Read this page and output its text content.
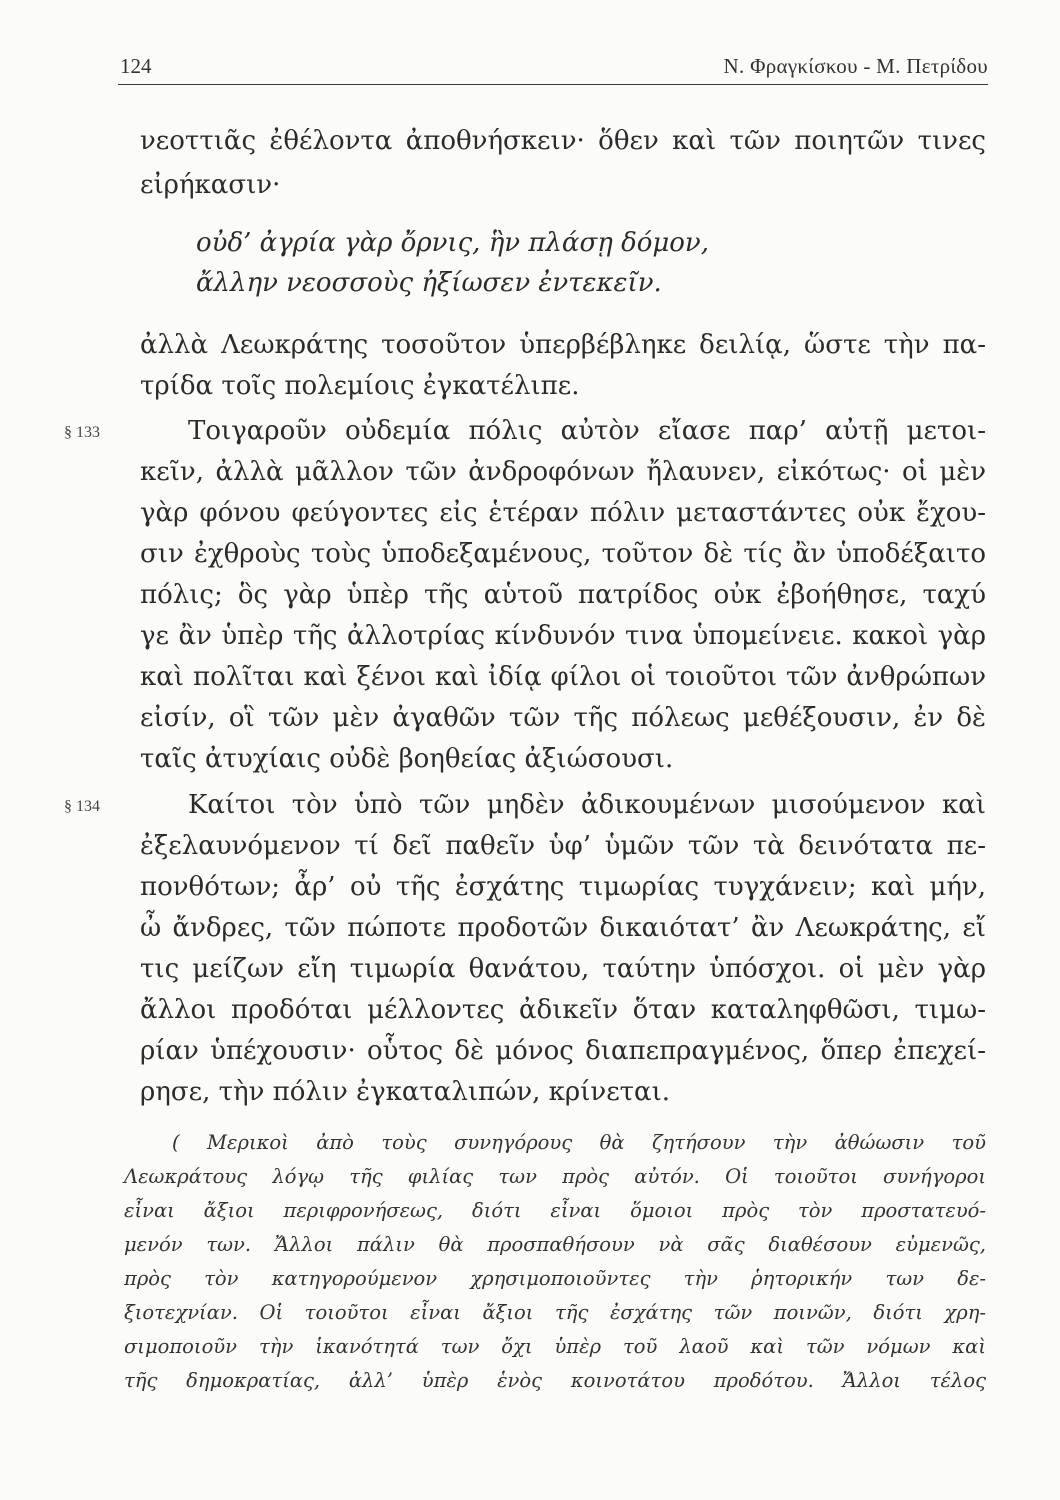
124	Ν. Φραγκίσκου - Μ. Πετρίδου
νεοττιᾶς ἐθέλοντα ἀποθνήσκειν· ὅθεν καὶ τῶν ποιητῶν τινες
εἰρήκασιν·
οὐδ’ ἀγρία γὰρ ὄρνις, ἣν πλάσῃ δόμον,
ἄλλην νεοσσοὺς ἠξίωσεν ἐντεκεῖν.
ἀλλὰ Λεωκράτης τοσοῦτον ὑπερβέβληκε δειλίᾳ, ὥστε τὴν πα-
τρίδα τοῖς πολεμίοις ἐγκατέλιπε.
§ 133	Τοιγαροῦν οὐδεμία πόλις αὐτὸν εἴασε παρ’ αὐτῇ μετοι-
κεῖν, ἀλλὰ μᾶλλον τῶν ἀνδροφόνων ἤλαυνεν, εἰκότως· οἱ μὲν
γὰρ φόνου φεύγοντες εἰς ἑτέραν πόλιν μεταστάντες οὐκ ἔχου-
σιν ἐχθροὺς τοὺς ὑποδεξαμένους, τοῦτον δὲ τίς ἂν ὑποδέξαιτο
πόλις; ὃς γὰρ ὑπὲρ τῆς αὑτοῦ πατρίδος οὐκ ἐβοήθησε, ταχύ
γε ἂν ὑπὲρ τῆς ἀλλοτρίας κίνδυνόν τινα ὑπομείνειε. κακοὶ γὰρ
καὶ πολῖται καὶ ξένοι καὶ ἰδίᾳ φίλοι οἱ τοιοῦτοι τῶν ἀνθρώπων
εἰσίν, οἳ τῶν μὲν ἀγαθῶν τῶν τῆς πόλεως μεθέξουσιν, ἐν δὲ
ταῖς ἀτυχίαις οὐδὲ βοηθείας ἀξιώσουσι.
§ 134	Καίτοι τὸν ὑπὸ τῶν μηδὲν ἀδικουμένων μισούμενον καὶ
ἐξελαυνόμενον τί δεῖ παθεῖν ὑφ’ ὑμῶν τῶν τὰ δεινότατα πε-
πονθότων; ἆρ’ οὐ τῆς ἐσχάτης τιμωρίας τυγχάνειν; καὶ μήν,
ὦ ἄνδρες, τῶν πώποτε προδοτῶν δικαιότατ’ ἂν Λεωκράτης, εἴ
τις μείζων εἴη τιμωρία θανάτου, ταύτην ὑπόσχοι. οἱ μὲν γὰρ
ἄλλοι προδόται μέλλοντες ἀδικεῖν ὅταν καταληφθῶσι, τιμω-
ρίαν ὑπέχουσιν· οὗτος δὲ μόνος διαπεπραγμένος, ὅπερ ἐπεχεί-
ρησε, τὴν πόλιν ἐγκαταλιπών, κρίνεται.
( Μερικοὶ ἀπὸ τοὺς συνηγόρους θὰ ζητήσουν τὴν ἀθώωσιν τοῦ
Λεωκράτους λόγῳ τῆς φιλίας των πρὸς αὐτόν. Οἱ τοιοῦτοι συνήγοροι
εἶναι ἄξιοι περιφρονήσεως, διότι εἶναι ὅμοιοι πρὸς τὸν προστατευό-
μενόν των. Ἄλλοι πάλιν θὰ προσπαθήσουν νὰ σᾶς διαθέσουν εὐμενῶς,
πρὸς τὸν κατηγορούμενον χρησιμοποιοῦντες τὴν ῥητορικήν των δε-
ξιοτεχνίαν. Οἱ τοιοῦτοι εἶναι ἄξιοι τῆς ἐσχάτης τῶν ποινῶν, διότι χρη-
σιμοποιοῦν τὴν ἱκανότητά των ὄχι ὑπὲρ τοῦ λαοῦ καὶ τῶν νόμων καὶ
τῆς δημοκρατίας, ἀλλ’ ὑπὲρ ἑνὸς κοινοτάτου προδότου. Ἄλλοι τέλος
